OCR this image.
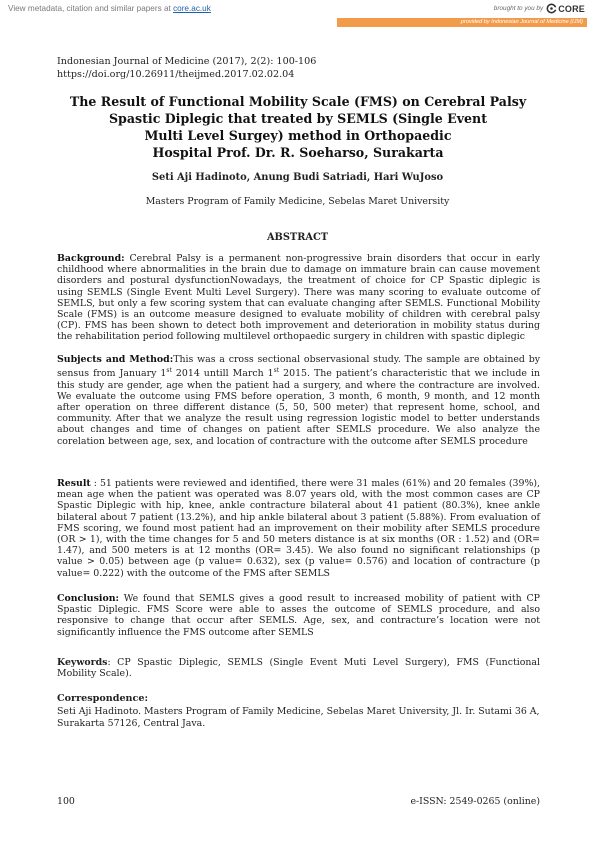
View metadata, citation and similar papers at core.ac.uk	brought to you by CORE
provided by Indonesian Journal of Medicine (IJM)
Indonesian Journal of Medicine (2017), 2(2): 100-106
https://doi.org/10.26911/theijmed.2017.02.02.04
The Result of Functional Mobility Scale (FMS) on Cerebral Palsy
Spastic Diplegic that treated by SEMLS (Single Event
Multi Level Surgey) method in Orthopaedic
Hospital Prof. Dr. R. Soeharso, Surakarta
Seti Aji Hadinoto, Anung Budi Satriadi, Hari WuJoso
Masters Program of Family Medicine, Sebelas Maret University
ABSTRACT
Background: Cerebral Palsy is a permanent non-progressive brain disorders that occur in early childhood where abnormalities in the brain due to damage on immature brain can cause movement disorders and postural dysfunctionNowadays, the treatment of choice for CP Spastic diplegic is using SEMLS (Single Event Multi Level Surgery). There was many scoring to evaluate outcome of SEMLS, but only a few scoring system that can evaluate changing after SEMLS. Functional Mobility Scale (FMS) is an outcome measure designed to evaluate mobility of children with cerebral palsy (CP). FMS has been shown to detect both improvement and deterioration in mobility status during the rehabilitation period following multilevel orthopaedic surgery in children with spastic diplegic
Subjects and Method:This was a cross sectional observasional study. The sample are obtained by sensus from January 1st 2014 untill March 1st 2015. The patient’s characteristic that we include in this study are gender, age when the patient had a surgery, and where the contracture are involved. We evaluate the outcome using FMS before operation, 3 month, 6 month, 9 month, and 12 month after operation on three different distance (5, 50, 500 meter) that represent home, school, and community. After that we analyze the result using regression logistic model to better understands about changes and time of changes on patient after SEMLS procedure. We also analyze the corelation between age, sex, and location of contracture with the outcome after SEMLS procedure
Result : 51 patients were reviewed and identified, there were 31 males (61%) and 20 females (39%), mean age when the patient was operated was 8.07 years old, with the most common cases are CP Spastic Diplegic with hip, knee, ankle contracture bilateral about 41 patient (80.3%), knee ankle bilateral about 7 patient (13.2%), and hip ankle bilateral about 3 patient (5.88%). From evaluation of FMS scoring, we found most patient had an improvement on their mobility after SEMLS procedure (OR > 1), with the time changes for 5 and 50 meters distance is at six months (OR : 1.52) and (OR= 1.47), and 500 meters is at 12 months (OR= 3.45). We also found no significant relationships (p value > 0.05) between age (p value= 0.632), sex (p value= 0.576) and location of contracture (p value= 0.222) with the outcome of the FMS after SEMLS
Conclusion: We found that SEMLS gives a good result to increased mobility of patient with CP Spastic Diplegic. FMS Score were able to asses the outcome of SEMLS procedure, and also responsive to change that occur after SEMLS. Age, sex, and contracture’s location were not significantly influence the FMS outcome after SEMLS
Keywords: CP Spastic Diplegic, SEMLS (Single Event Muti Level Surgery), FMS (Functional Mobility Scale).
Correspondence:
Seti Aji Hadinoto. Masters Program of Family Medicine, Sebelas Maret University, Jl. Ir. Sutami 36 A, Surakarta 57126, Central Java.
100	e-ISSN: 2549-0265 (online)
